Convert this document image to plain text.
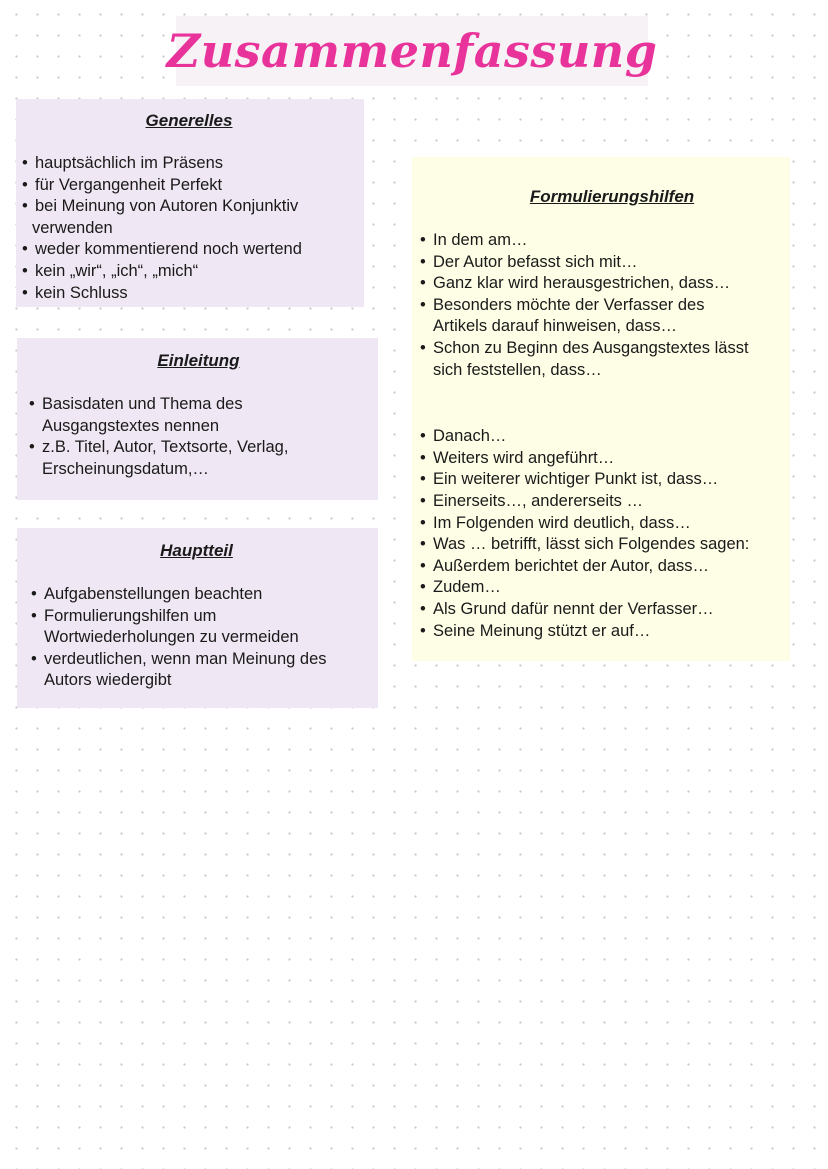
Zusammenfassung
Generelles
• hauptsächlich im Präsens
• für Vergangenheit Perfekt
• bei Meinung von Autoren Konjunktiv
verwenden
• weder kommentierend noch wertend
• kein „wir“, „ich“, „mich“
• kein Schluss
Einleitung
• Basisdaten und Thema des
Ausgangstextes nennen
• z.B. Titel, Autor, Textsorte, Verlag,
Erscheinungsdatum,…
Hauptteil
• Aufgabenstellungen beachten
• Formulierungshilfen um
Wortwiederholungen zu vermeiden
• verdeutlichen, wenn man Meinung des
Autors wiedergibt
Formulierungshilfen
• In dem am…
• Der Autor befasst sich mit…
• Ganz klar wird herausgestrichen, dass…
• Besonders möchte der Verfasser des
Artikels darauf hinweisen, dass…
• Schon zu Beginn des Ausgangstextes lässt
sich feststellen, dass…
• Danach…
• Weiters wird angeführt…
• Ein weiterer wichtiger Punkt ist, dass…
• Einerseits…, andererseits …
• Im Folgenden wird deutlich, dass…
• Was … betrifft, lässt sich Folgendes sagen:
• Außerdem berichtet der Autor, dass…
• Zudem…
• Als Grund dafür nennt der Verfasser…
• Seine Meinung stützt er auf…
